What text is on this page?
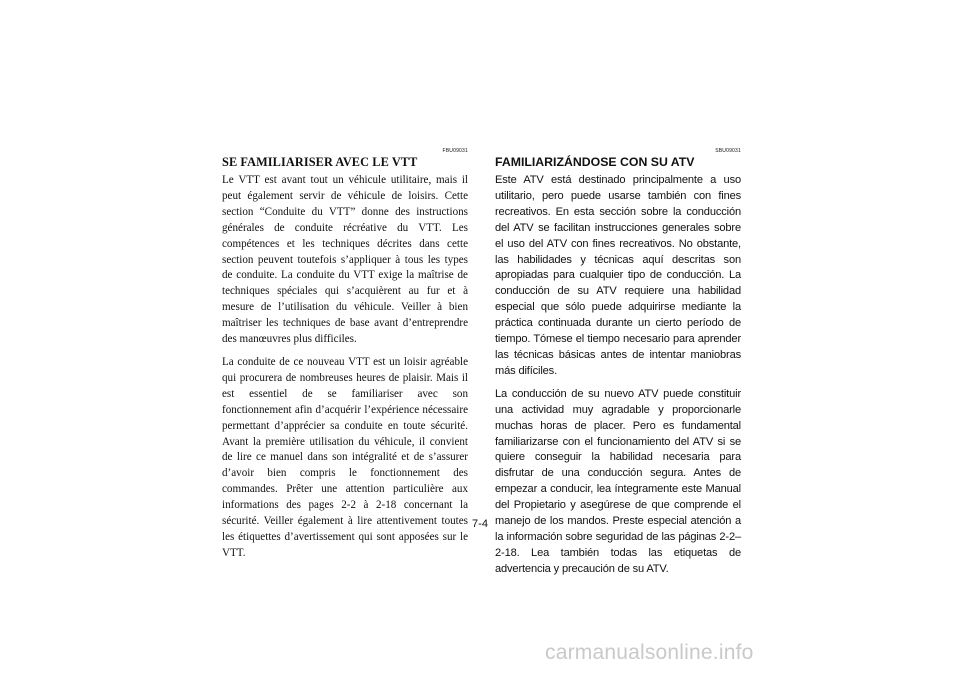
FBU09031
SE FAMILIARISER AVEC LE VTT

Le VTT est avant tout un véhicule utilitaire, mais il peut également servir de véhicule de loisirs. Cette section “Conduite du VTT” donne des instructions générales de conduite récréative du VTT. Les compétences et les techniques décrites dans cette section peuvent toutefois s’appliquer à tous les types de conduite. La conduite du VTT exige la maîtrise de techniques spéciales qui s’acquièrent au fur et à mesure de l’utilisation du véhicule. Veiller à bien maîtriser les techniques de base avant d’entreprendre des manœuvres plus difficiles.

La conduite de ce nouveau VTT est un loisir agréable qui procurera de nombreuses heures de plaisir. Mais il est essentiel de se familiariser avec son fonctionnement afin d’acquérir l’expérience nécessaire permettant d’apprécier sa conduite en toute sécurité. Avant la première utilisation du véhicule, il convient de lire ce manuel dans son intégralité et de s’assurer d’avoir bien compris le fonctionnement des commandes. Prêter une attention particulière aux informations des pages 2-2 à 2-18 concernant la sécurité. Veiller également à lire attentivement toutes les étiquettes d’avertissement qui sont apposées sur le VTT.

SBU09031
FAMILIARIZÁNDOSE CON SU ATV

Este ATV está destinado principalmente a uso utilitario, pero puede usarse también con fines recreativos. En esta sección sobre la conducción del ATV se facilitan instrucciones generales sobre el uso del ATV con fines recreativos. No obstante, las habilidades y técnicas aquí descritas son apropiadas para cualquier tipo de conducción. La conducción de su ATV requiere una habilidad especial que sólo puede adquirirse mediante la práctica continuada durante un cierto período de tiempo. Tómese el tiempo necesario para aprender las técnicas básicas antes de intentar maniobras más difíciles.

La conducción de su nuevo ATV puede constituir una actividad muy agradable y proporcionarle muchas horas de placer. Pero es fundamental familiarizarse con el funcionamiento del ATV si se quiere conseguir la habilidad necesaria para disfrutar de una conducción segura. Antes de empezar a conducir, lea íntegramente este Manual del Propietario y asegúrese de que comprende el manejo de los mandos. Preste especial atención a la información sobre seguridad de las páginas 2-2–2-18. Lea también todas las etiquetas de advertencia y precaución de su ATV.

7-4
carmanualsonline.info
